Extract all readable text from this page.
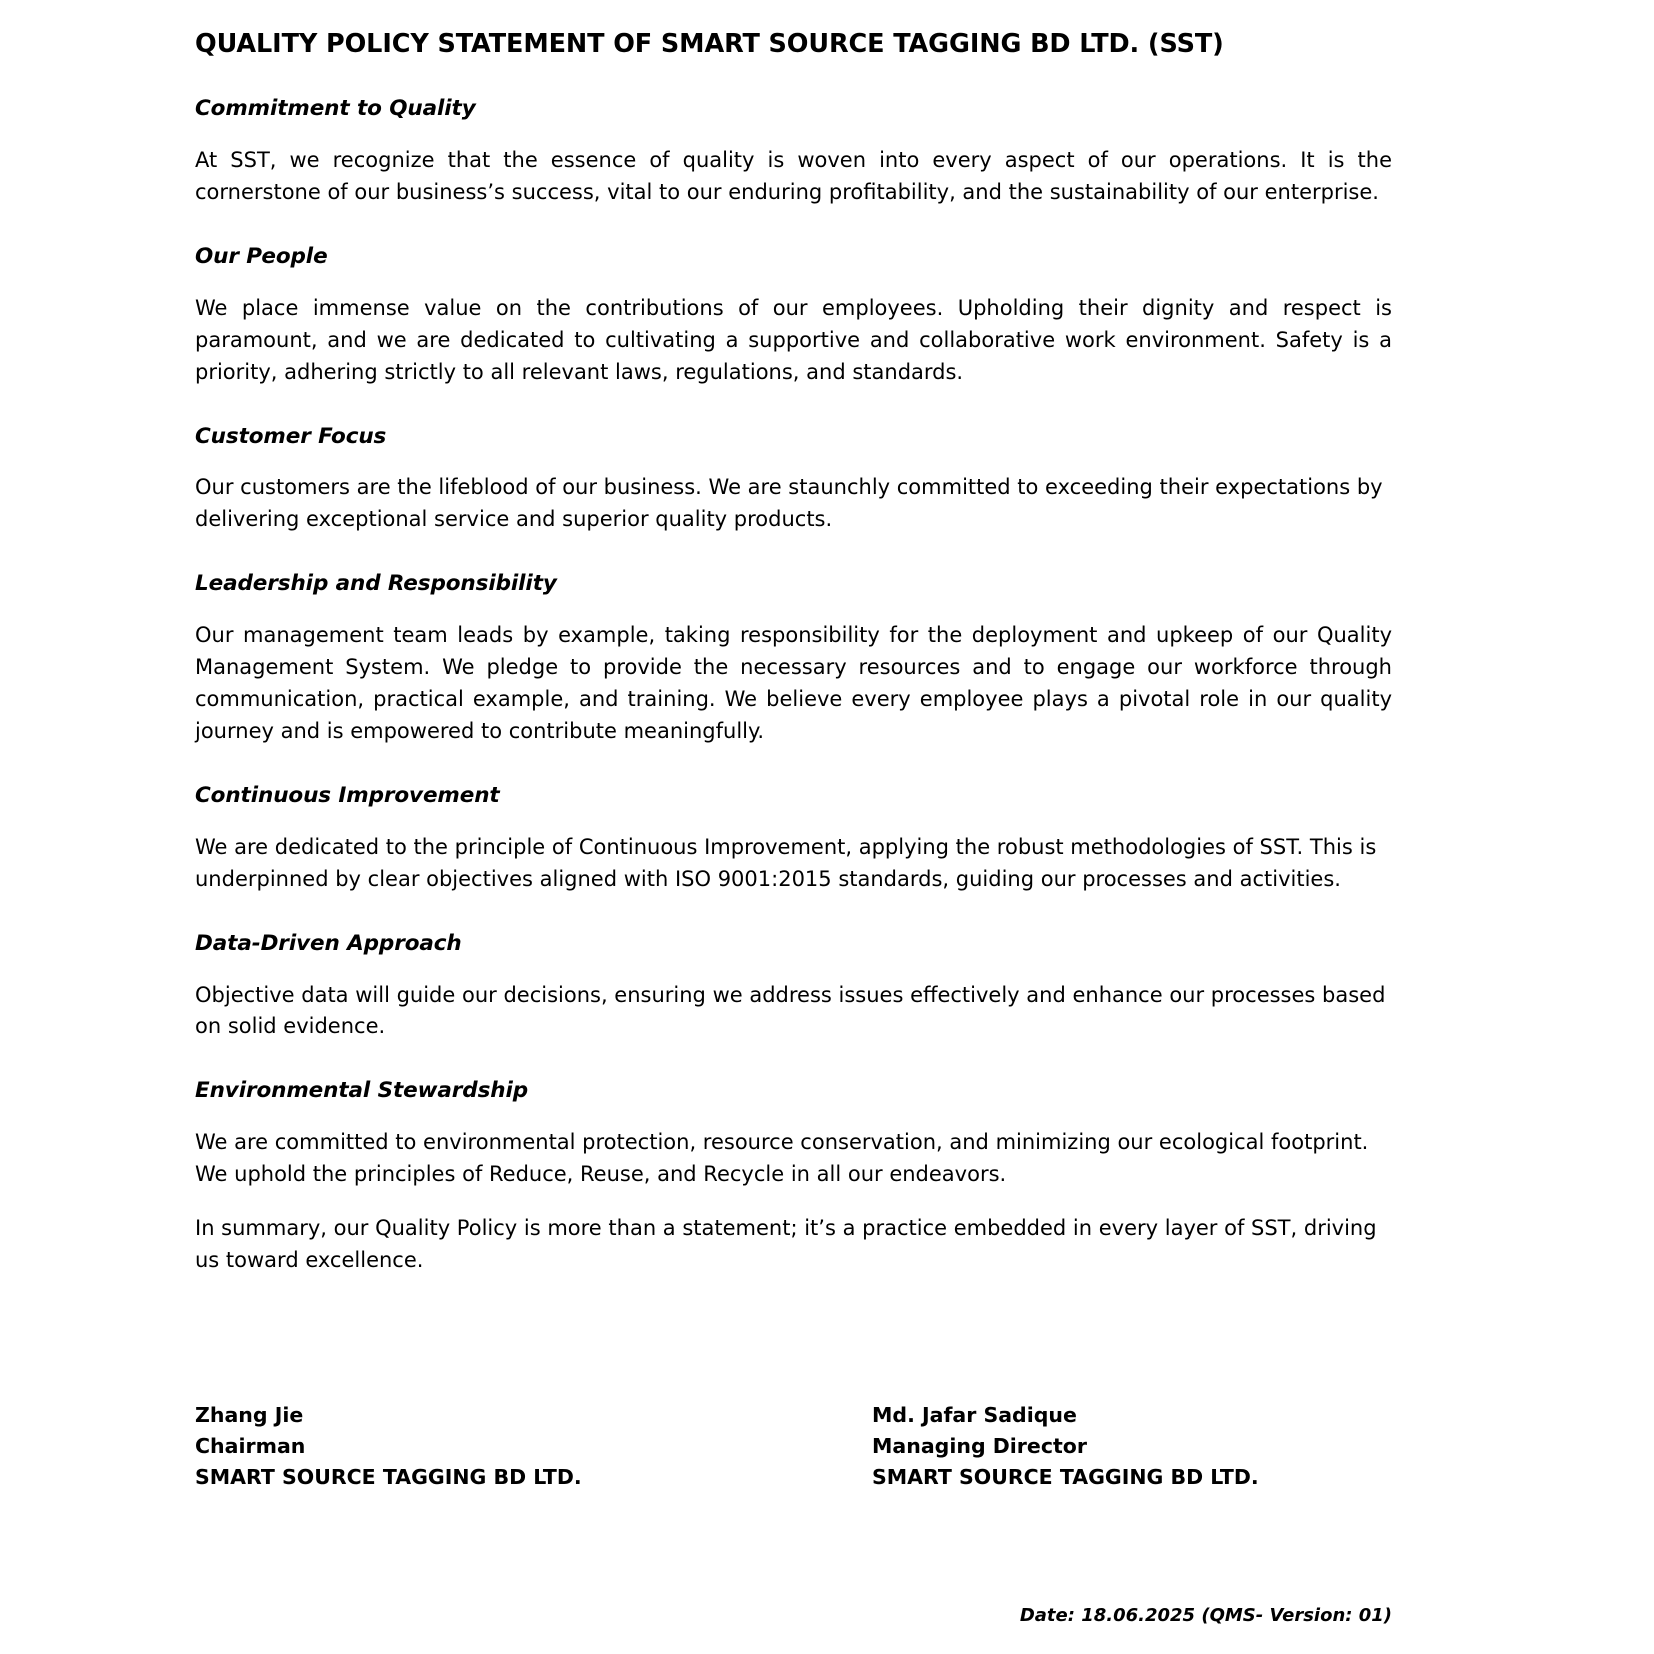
QUALITY POLICY STATEMENT OF SMART SOURCE TAGGING BD LTD. (SST)
Commitment to Quality

At SST, we recognize that the essence of quality is woven into every aspect of our operations. It is the cornerstone of our business’s success, vital to our enduring profitability, and the sustainability of our enterprise.

Our People

We place immense value on the contributions of our employees. Upholding their dignity and respect is paramount, and we are dedicated to cultivating a supportive and collaborative work environment. Safety is a priority, adhering strictly to all relevant laws, regulations, and standards.

Customer Focus

Our customers are the lifeblood of our business. We are staunchly committed to exceeding their expectations by delivering exceptional service and superior quality products.

Leadership and Responsibility

Our management team leads by example, taking responsibility for the deployment and upkeep of our Quality Management System. We pledge to provide the necessary resources and to engage our workforce through communication, practical example, and training. We believe every employee plays a pivotal role in our quality journey and is empowered to contribute meaningfully.

Continuous Improvement

We are dedicated to the principle of Continuous Improvement, applying the robust methodologies of SST. This is underpinned by clear objectives aligned with ISO 9001:2015 standards, guiding our processes and activities.

Data-Driven Approach

Objective data will guide our decisions, ensuring we address issues effectively and enhance our processes based on solid evidence.

Environmental Stewardship

We are committed to environmental protection, resource conservation, and minimizing our ecological footprint. We uphold the principles of Reduce, Reuse, and Recycle in all our endeavors.

In summary, our Quality Policy is more than a statement; it’s a practice embedded in every layer of SST, driving us toward excellence.

Zhang Jie
Chairman
SMART SOURCE TAGGING BD LTD.
Md. Jafar Sadique
Managing Director
SMART SOURCE TAGGING BD LTD.
Date: 18.06.2025 (QMS- Version: 01)
